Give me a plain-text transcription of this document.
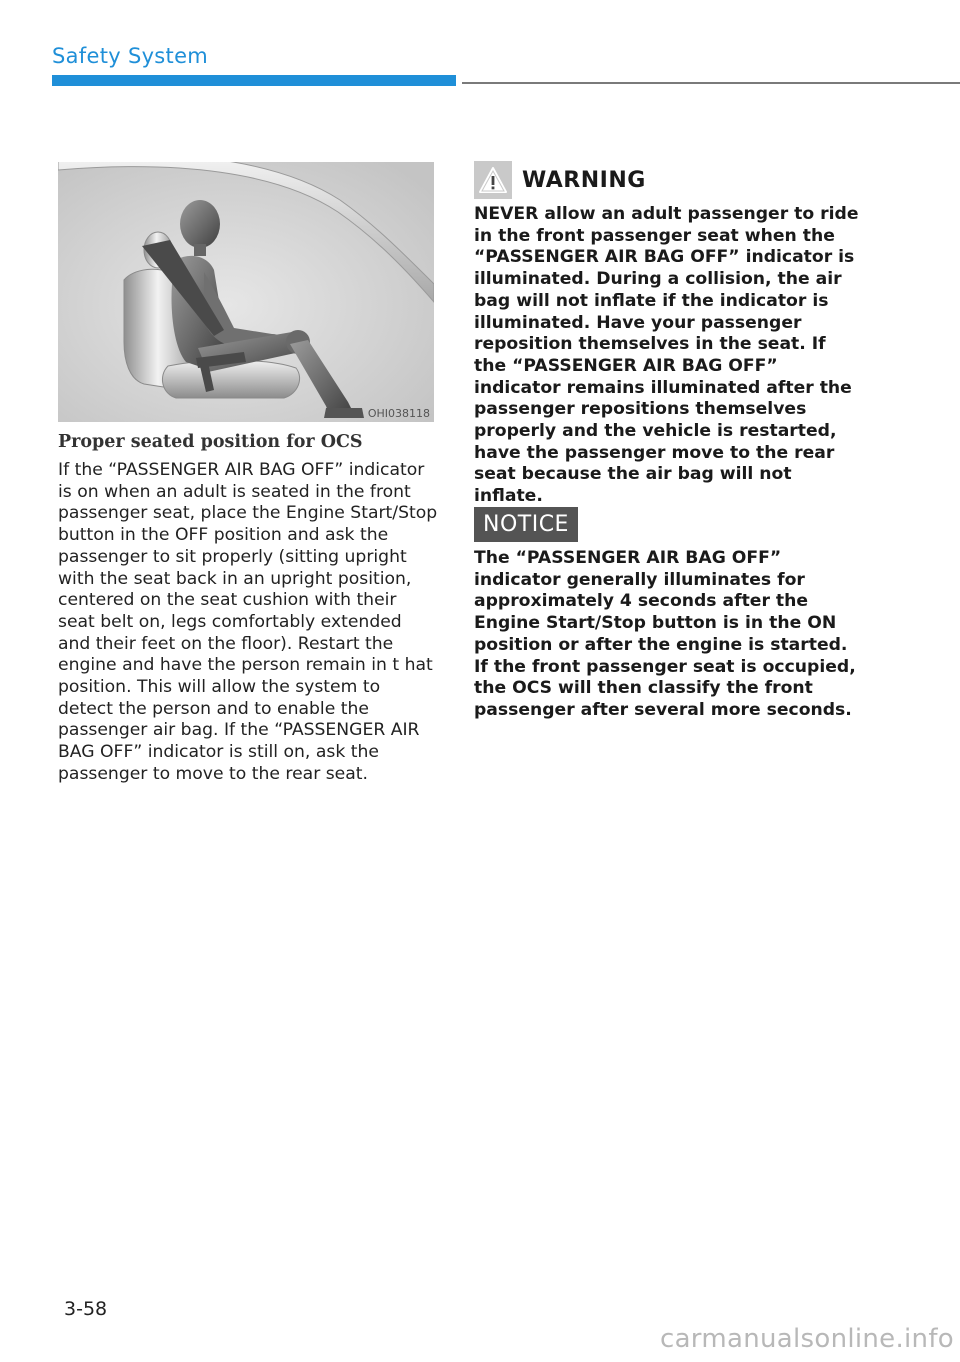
Safety System
OHI038118
Proper seated position for OCS

If the “PASSENGER AIR BAG OFF” indicator is on when an adult is seated in the front passenger seat, place the Engine Start/Stop button in the OFF position and ask the passenger to sit properly (sitting upright with the seat back in an upright position, centered on the seat cushion with their seat belt on, legs comfortably extended and their feet on the floor). Restart the engine and have the person remain in t hat position. This will allow the system to detect the person and to enable the passenger air bag. If the “PASSENGER AIR BAG OFF” indicator is still on, ask the passenger to move to the rear seat.

WARNING

NEVER allow an adult passenger to ride in the front passenger seat when the “PASSENGER AIR BAG OFF” indicator is illuminated. During a collision, the air bag will not inflate if the indicator is illuminated. Have your passenger reposition themselves in the seat. If the “PASSENGER AIR BAG OFF” indicator remains illuminated after the passenger repositions themselves properly and the vehicle is restarted, have the passenger move to the rear seat because the air bag will not inflate.

NOTICE

The “PASSENGER AIR BAG OFF” indicator generally illuminates for approximately 4 seconds after the Engine Start/Stop button is in the ON position or after the engine is started. If the front passenger seat is occupied, the OCS will then classify the front passenger after several more seconds.

3-58
carmanualsonline.info
